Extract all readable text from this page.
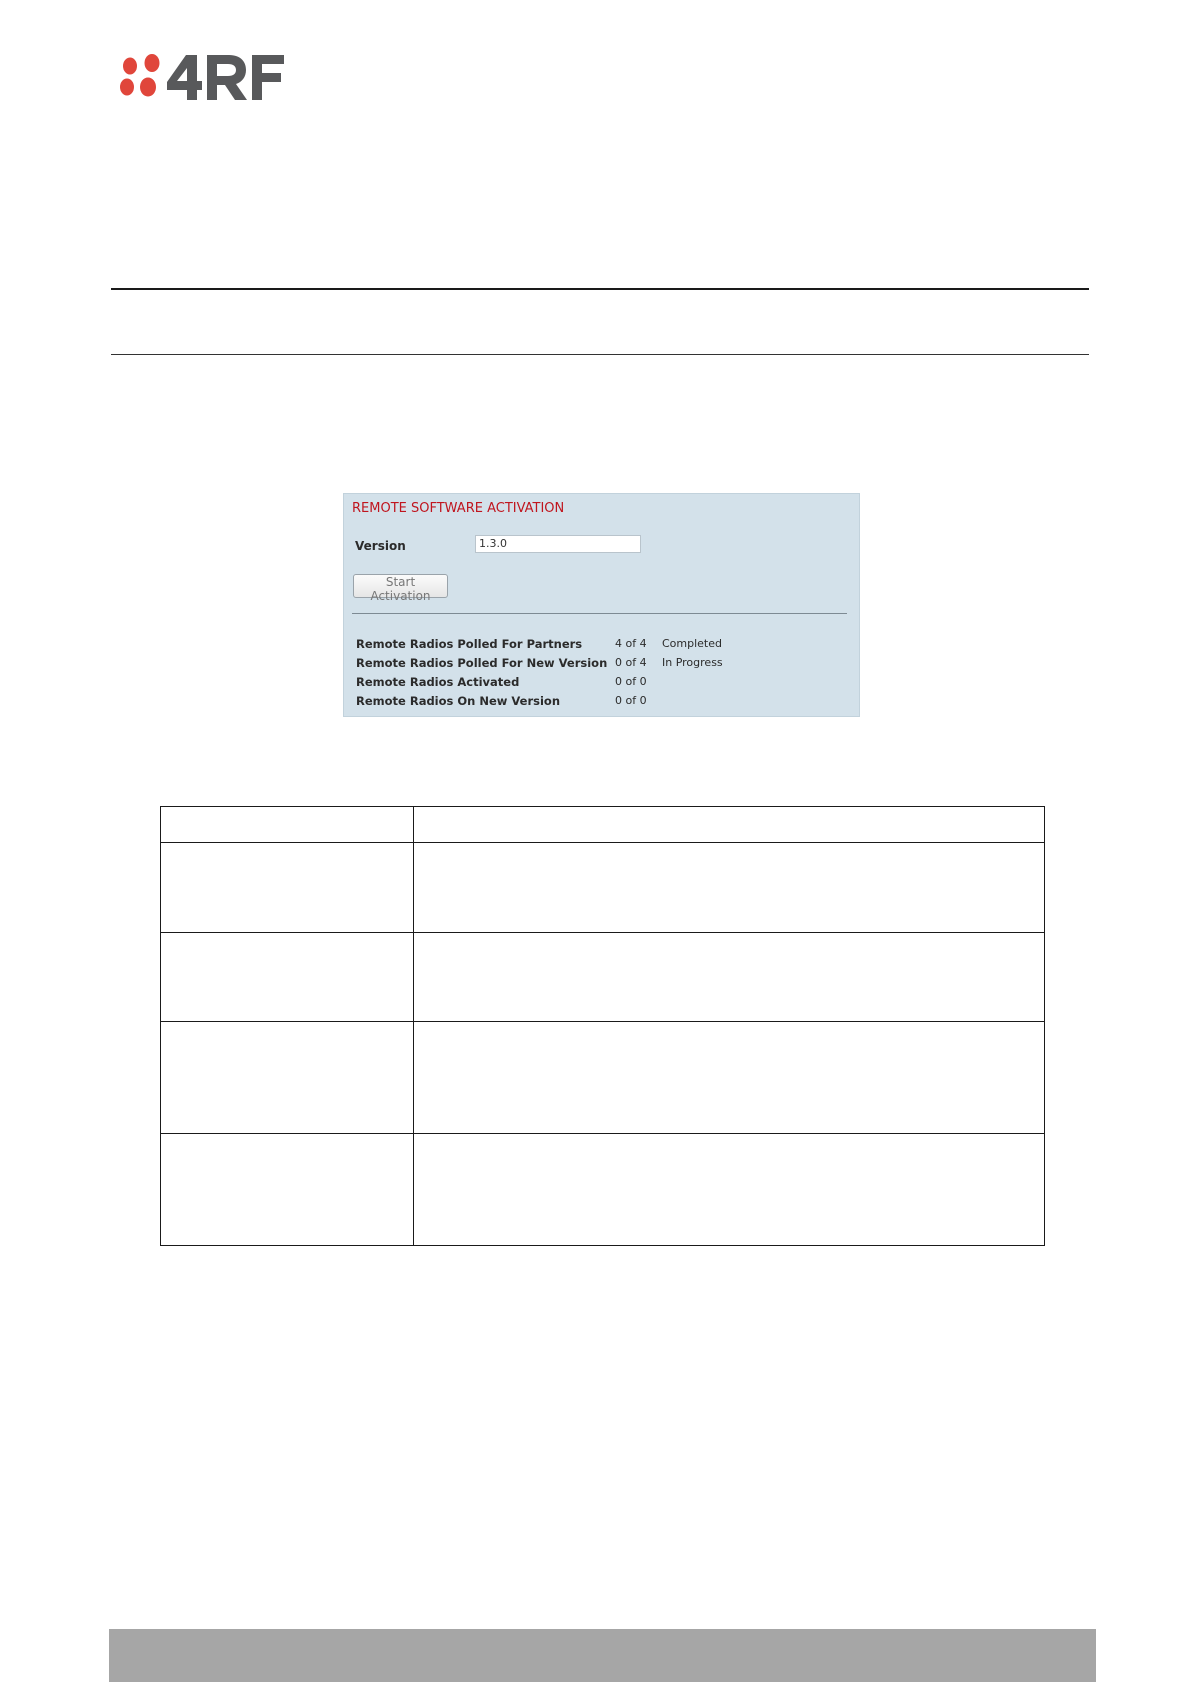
REMOTE SOFTWARE ACTIVATION
Version	1.3.0
Start Activation
Remote Radios Polled For Partners	4 of 4	Completed
Remote Radios Polled For New Version	0 of 4	In Progress
Remote Radios Activated	0 of 0	
Remote Radios On New Version	0 of 0	
